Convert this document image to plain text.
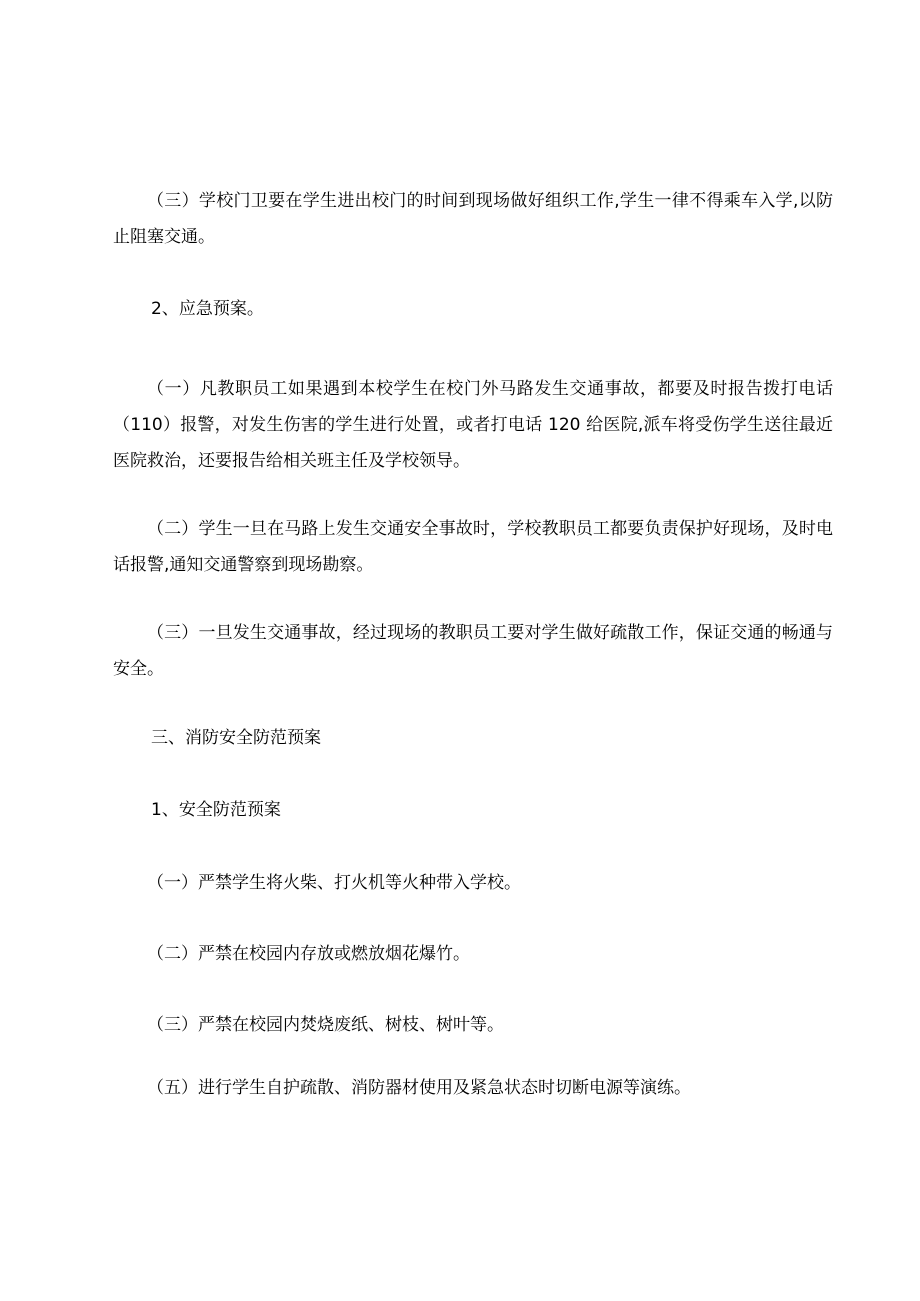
（三）学校门卫要在学生进出校门的时间到现场做好组织工作,学生一律不得乘车入学,以防止阻塞交通。

2、应急预案。

（一）凡教职员工如果遇到本校学生在校门外马路发生交通事故，都要及时报告拨打电话（110）报警，对发生伤害的学生进行处置，或者打电话 120 给医院,派车将受伤学生送往最近医院救治，还要报告给相关班主任及学校领导。

（二）学生一旦在马路上发生交通安全事故时，学校教职员工都要负责保护好现场，及时电话报警,通知交通警察到现场勘察。

（三）一旦发生交通事故，经过现场的教职员工要对学生做好疏散工作，保证交通的畅通与安全。

三、消防安全防范预案

1、安全防范预案

（一）严禁学生将火柴、打火机等火种带入学校。

（二）严禁在校园内存放或燃放烟花爆竹。

（三）严禁在校园内焚烧废纸、树枝、树叶等。

（五）进行学生自护疏散、消防器材使用及紧急状态时切断电源等演练。
